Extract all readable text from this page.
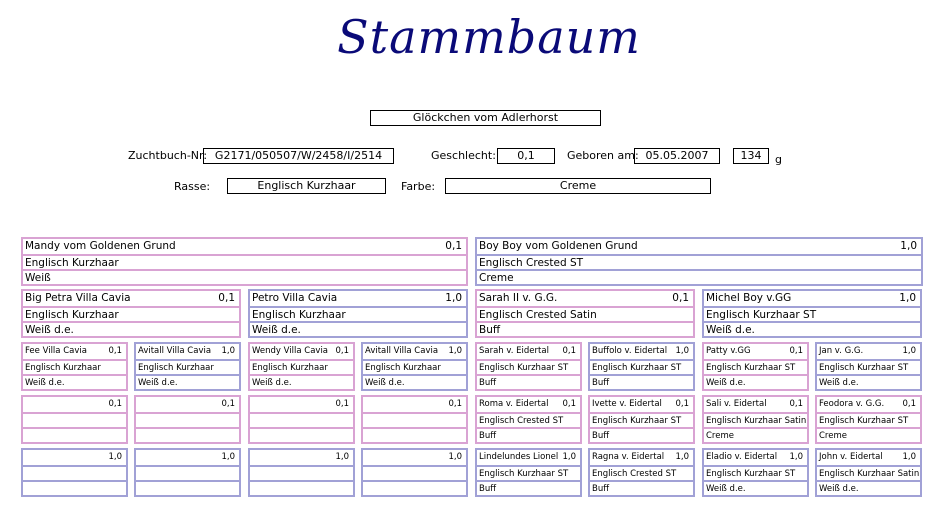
Stammbaum
Glöckchen vom Adlerhorst
Zuchtbuch-Nr: G2171/050507/W/2458/I/2514	Geschlecht:	0,1	Geboren am: 05.05.2007	134	g
Rasse:	Englisch Kurzhaar	Farbe:	Creme
Mandy vom Goldenen Grund	0,1
Englisch Kurzhaar
Weiß
Boy Boy vom Goldenen Grund	1,0
Englisch Crested ST
Creme
Big Petra Villa Cavia	0,1
Englisch Kurzhaar
Weiß d.e.
Petro Villa Cavia	1,0
Englisch Kurzhaar
Weiß d.e.
Sarah II v. G.G.	0,1
Englisch Crested Satin
Buff
Michel Boy v.GG	1,0
Englisch Kurzhaar ST
Weiß d.e.
Fee Villa Cavia	0,1
Englisch Kurzhaar
Weiß d.e.
Avitall Villa Cavia 1,0
Englisch Kurzhaar
Weiß d.e.
Wendy Villa Cavia 0,1
Englisch Kurzhaar
Weiß d.e.
Avitall Villa Cavia 1,0
Englisch Kurzhaar
Weiß d.e.
Sarah v. Eidertal 0,1
Englisch Kurzhaar ST
Buff
Buffolo v. Eidertal 1,0
Englisch Kurzhaar ST
Buff
Patty v.GG	0,1
Englisch Kurzhaar ST
Weiß d.e.
Jan v. G.G.	1,0
Englisch Kurzhaar ST
Weiß d.e.
0,1	0,1	0,1	0,1 Roma v. Eidertal 0,1
Englisch Crested ST
Buff
Ivette v. Eidertal 0,1
Englisch Kurzhaar ST
Buff
Sali v. Eidertal	0,1
Englisch Kurzhaar Satin
Creme
Feodora v. G.G. 0,1
Englisch Kurzhaar ST
Creme
1,0	1,0	1,0	1,0 Lindelundes Lionel 1,0
Englisch Kurzhaar ST
Buff
Ragna v. Eidertal 1,0
Englisch Crested ST
Buff
Eladio v. Eidertal 1,0
Englisch Kurzhaar ST
Weiß d.e.
John v. Eidertal 1,0
Englisch Kurzhaar Satin
Weiß d.e.
